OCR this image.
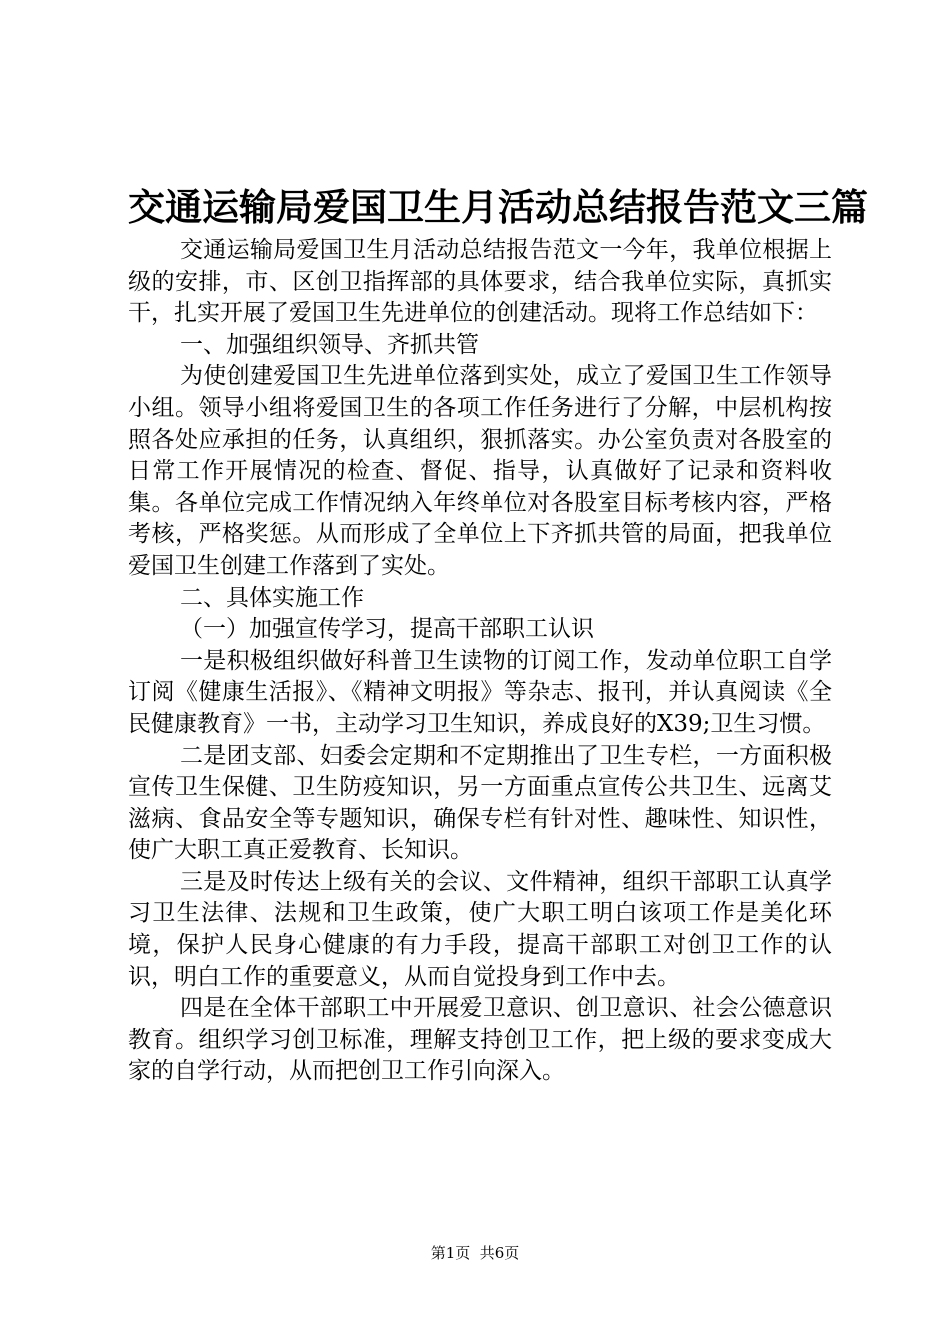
交通运输局爱国卫生月活动总结报告范文三篇

交通运输局爱国卫生月活动总结报告范文一今年，我单位根据上级的安排，市、区创卫指挥部的具体要求，结合我单位实际，真抓实干，扎实开展了爱国卫生先进单位的创建活动。现将工作总结如下：

一、加强组织领导、齐抓共管

为使创建爱国卫生先进单位落到实处，成立了爱国卫生工作领导小组。领导小组将爱国卫生的各项工作任务进行了分解，中层机构按照各处应承担的任务，认真组织，狠抓落实。办公室负责对各股室的日常工作开展情况的检查、督促、指导，认真做好了记录和资料收集。各单位完成工作情况纳入年终单位对各股室目标考核内容，严格考核，严格奖惩。从而形成了全单位上下齐抓共管的局面，把我单位爱国卫生创建工作落到了实处。

二、具体实施工作

（一）加强宣传学习，提高干部职工认识

一是积极组织做好科普卫生读物的订阅工作，发动单位职工自学订阅《健康生活报》、《精神文明报》等杂志、报刊，并认真阅读《全民健康教育》一书，主动学习卫生知识，养成良好的X39;卫生习惯。

二是团支部、妇委会定期和不定期推出了卫生专栏，一方面积极宣传卫生保健、卫生防疫知识，另一方面重点宣传公共卫生、远离艾滋病、食品安全等专题知识，确保专栏有针对性、趣味性、知识性，使广大职工真正爱教育、长知识。

三是及时传达上级有关的会议、文件精神，组织干部职工认真学习卫生法律、法规和卫生政策，使广大职工明白该项工作是美化环境，保护人民身心健康的有力手段，提高干部职工对创卫工作的认识，明白工作的重要意义，从而自觉投身到工作中去。

四是在全体干部职工中开展爱卫意识、创卫意识、社会公德意识教育。组织学习创卫标准，理解支持创卫工作，把上级的要求变成大家的自学行动，从而把创卫工作引向深入。

第1页  共6页
